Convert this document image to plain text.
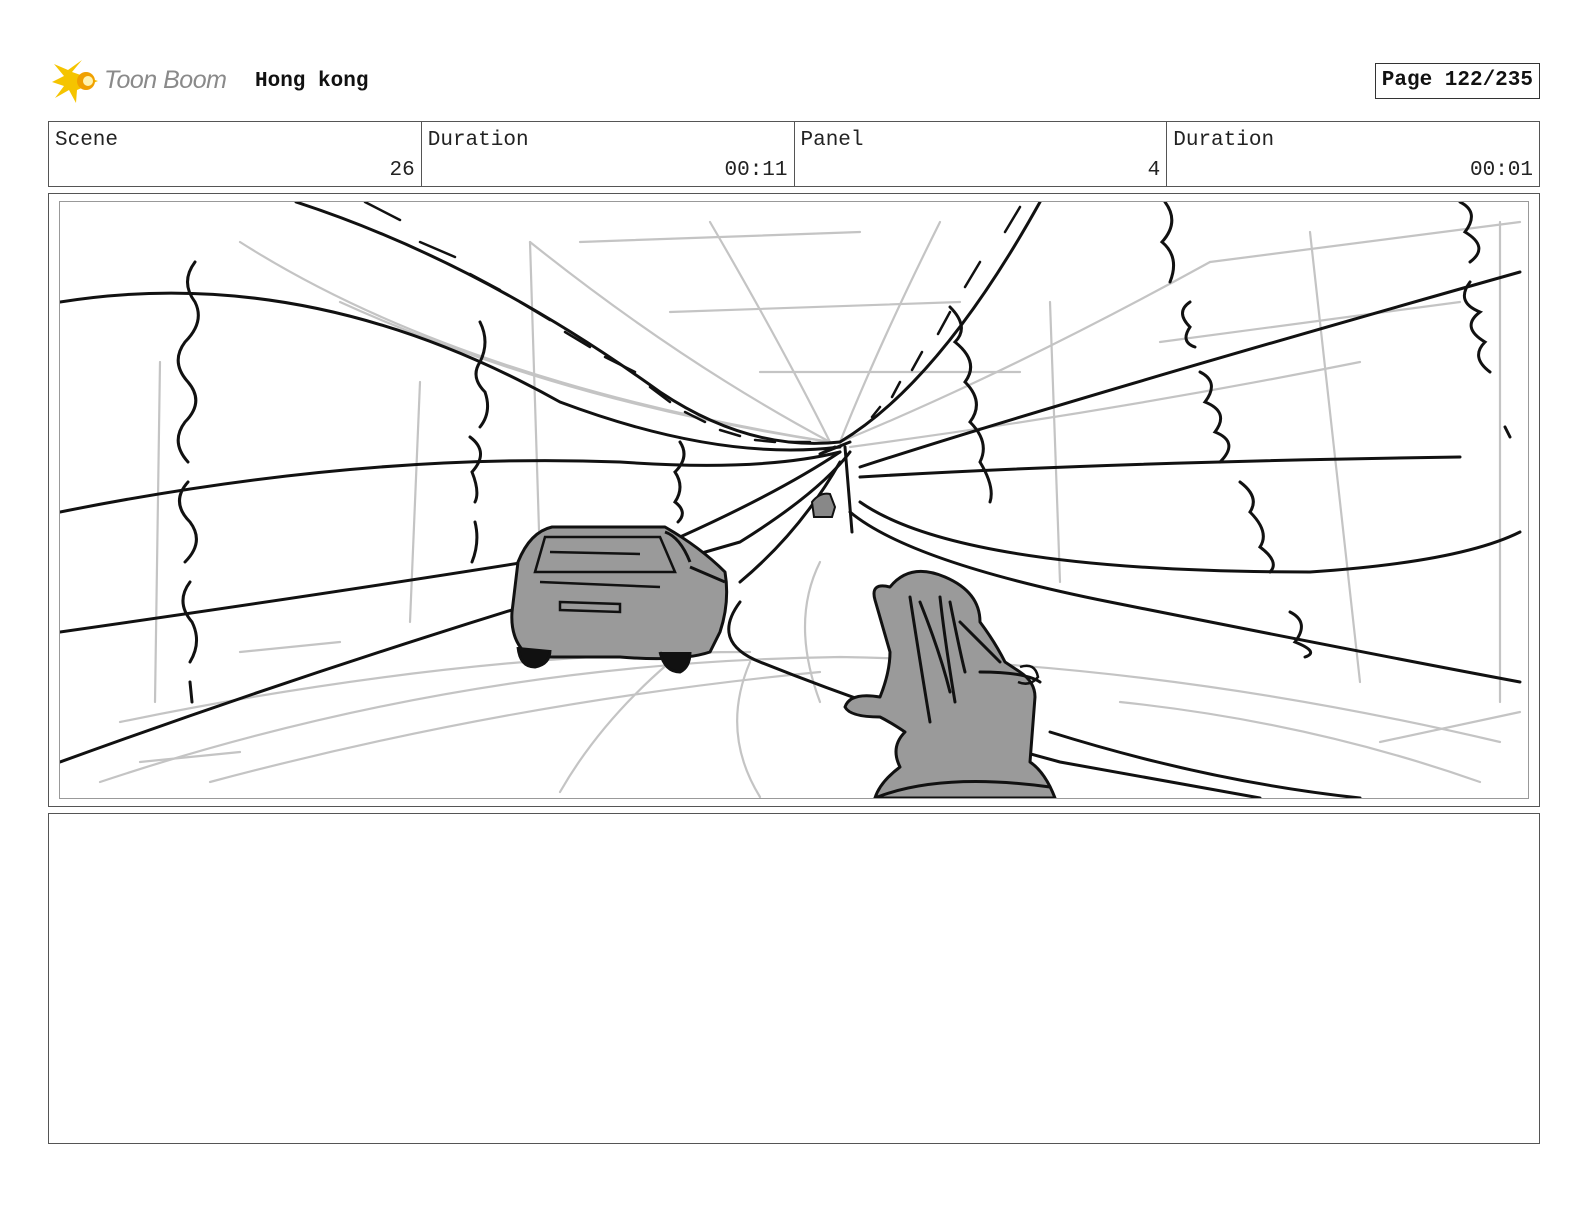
Toon Boom Hong kong	Page 122/235
Scene
26
Duration
00:11
Panel
4
Duration
00:01
